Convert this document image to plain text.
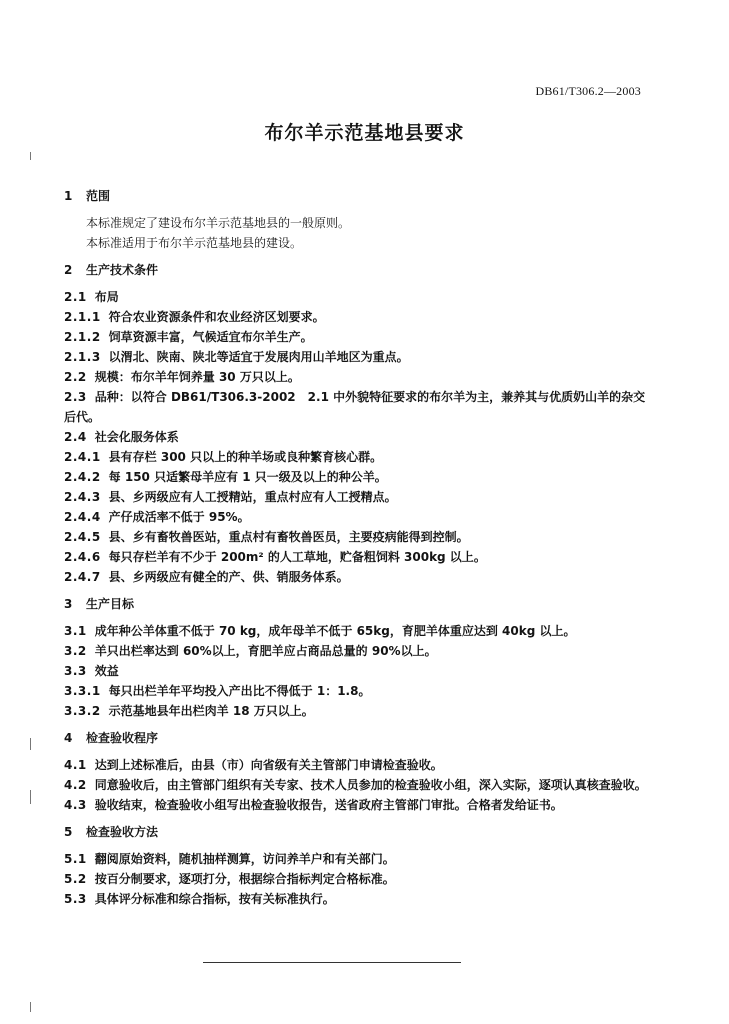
DB61/T306.2—2003
布尔羊示范基地县要求
1	范围
本标准规定了建设布尔羊示范基地县的一般原则。
本标准适用于布尔羊示范基地县的建设。
2	生产技术条件
2.1 布局
2.1.1 符合农业资源条件和农业经济区划要求。
2.1.2 饲草资源丰富，气候适宜布尔羊生产。
2.1.3 以渭北、陕南、陕北等适宜于发展肉用山羊地区为重点。
2.2 规模：布尔羊年饲养量 30 万只以上。
2.3 品种：以符合 DB61/T306.3-2002　2.1 中外貌特征要求的布尔羊为主，兼养其与优质奶山羊的杂交后代。
2.4 社会化服务体系
2.4.1 县有存栏 300 只以上的种羊场或良种繁育核心群。
2.4.2 每 150 只适繁母羊应有 1 只一级及以上的种公羊。
2.4.3 县、乡两级应有人工授精站，重点村应有人工授精点。
2.4.4 产仔成活率不低于 95%。
2.4.5 县、乡有畜牧兽医站，重点村有畜牧兽医员，主要疫病能得到控制。
2.4.6 每只存栏羊有不少于 200m² 的人工草地，贮备粗饲料 300kg 以上。
2.4.7 县、乡两级应有健全的产、供、销服务体系。
3	生产目标
3.1 成年种公羊体重不低于 70 kg，成年母羊不低于 65kg，育肥羊体重应达到 40kg 以上。
3.2 羊只出栏率达到 60%以上，育肥羊应占商品总量的 90%以上。
3.3 效益
3.3.1 每只出栏羊年平均投入产出比不得低于 1：1.8。
3.3.2 示范基地县年出栏肉羊 18 万只以上。
4	检查验收程序
4.1 达到上述标准后，由县（市）向省级有关主管部门申请检查验收。
4.2 同意验收后，由主管部门组织有关专家、技术人员参加的检查验收小组，深入实际，逐项认真核查验收。
4.3 验收结束，检查验收小组写出检查验收报告，送省政府主管部门审批。合格者发给证书。
5	检查验收方法
5.1 翻阅原始资料，随机抽样测算，访问养羊户和有关部门。
5.2 按百分制要求，逐项打分，根据综合指标判定合格标准。
5.3 具体评分标准和综合指标，按有关标准执行。
